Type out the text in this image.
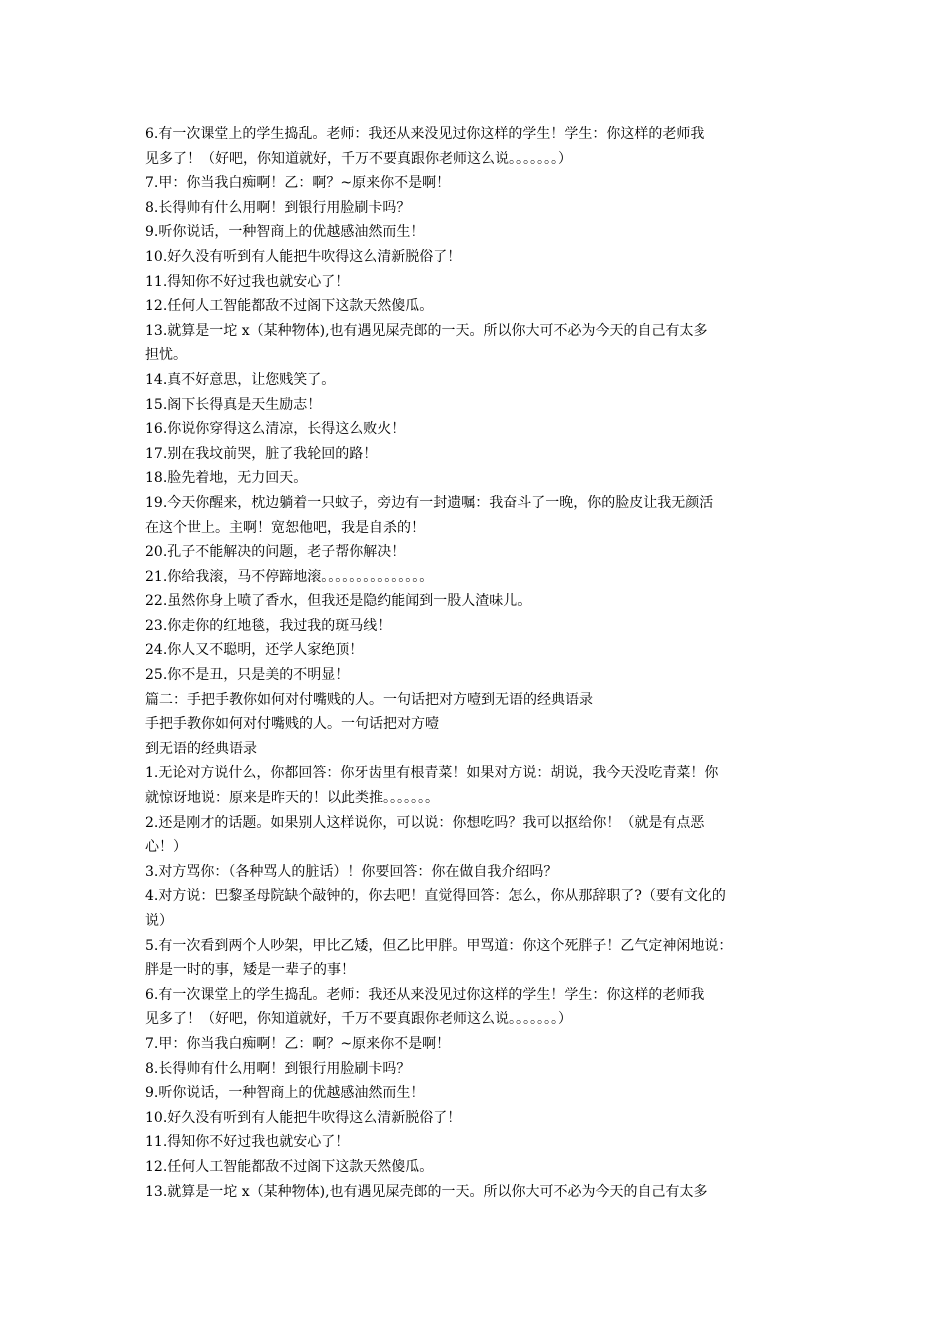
6.有一次课堂上的学生捣乱。老师：我还从来没见过你这样的学生！学生：你这样的老师我
见多了！（好吧，你知道就好，千万不要真跟你老师这么说。。。。。。。）
7.甲：你当我白痴啊！乙：啊？~原来你不是啊！
8.长得帅有什么用啊！到银行用脸刷卡吗？
9.听你说话，一种智商上的优越感油然而生！
10.好久没有听到有人能把牛吹得这么清新脱俗了！
11.得知你不好过我也就安心了！
12.任何人工智能都敌不过阁下这款天然傻瓜。
13.就算是一坨 x（某种物体),也有遇见屎壳郎的一天。所以你大可不必为今天的自己有太多
担忧。
14.真不好意思，让您贱笑了。
15.阁下长得真是天生励志！
16.你说你穿得这么清凉，长得这么败火！
17.别在我坟前哭，脏了我轮回的路！
18.脸先着地，无力回天。
19.今天你醒来，枕边躺着一只蚊子，旁边有一封遗嘱：我奋斗了一晚，你的脸皮让我无颜活
在这个世上。主啊！宽恕他吧，我是自杀的！
20.孔子不能解决的问题，老子帮你解决！
21.你给我滚，马不停蹄地滚。。。。。。。。。。。。。。。
22.虽然你身上喷了香水，但我还是隐约能闻到一股人渣味儿。
23.你走你的红地毯，我过我的斑马线！
24.你人又不聪明，还学人家绝顶！
25.你不是丑，只是美的不明显！
篇二：手把手教你如何对付嘴贱的人。一句话把对方噎到无语的经典语录
手把手教你如何对付嘴贱的人。一句话把对方噎
到无语的经典语录
1.无论对方说什么，你都回答：你牙齿里有根青菜！如果对方说：胡说，我今天没吃青菜！你
就惊讶地说：原来是昨天的！以此类推。。。。。。。
2.还是刚才的话题。如果别人这样说你，可以说：你想吃吗？我可以抠给你！（就是有点恶
心！）
3.对方骂你：（各种骂人的脏话）！你要回答：你在做自我介绍吗？
4.对方说：巴黎圣母院缺个敲钟的，你去吧！直觉得回答：怎么，你从那辞职了?（要有文化的
说）
5.有一次看到两个人吵架，甲比乙矮，但乙比甲胖。甲骂道：你这个死胖子！乙气定神闲地说：
胖是一时的事，矮是一辈子的事！
6.有一次课堂上的学生捣乱。老师：我还从来没见过你这样的学生！学生：你这样的老师我
见多了！（好吧，你知道就好，千万不要真跟你老师这么说。。。。。。。）
7.甲：你当我白痴啊！乙：啊？~原来你不是啊！
8.长得帅有什么用啊！到银行用脸刷卡吗？
9.听你说话，一种智商上的优越感油然而生！
10.好久没有听到有人能把牛吹得这么清新脱俗了！
11.得知你不好过我也就安心了！
12.任何人工智能都敌不过阁下这款天然傻瓜。
13.就算是一坨 x（某种物体),也有遇见屎壳郎的一天。所以你大可不必为今天的自己有太多
